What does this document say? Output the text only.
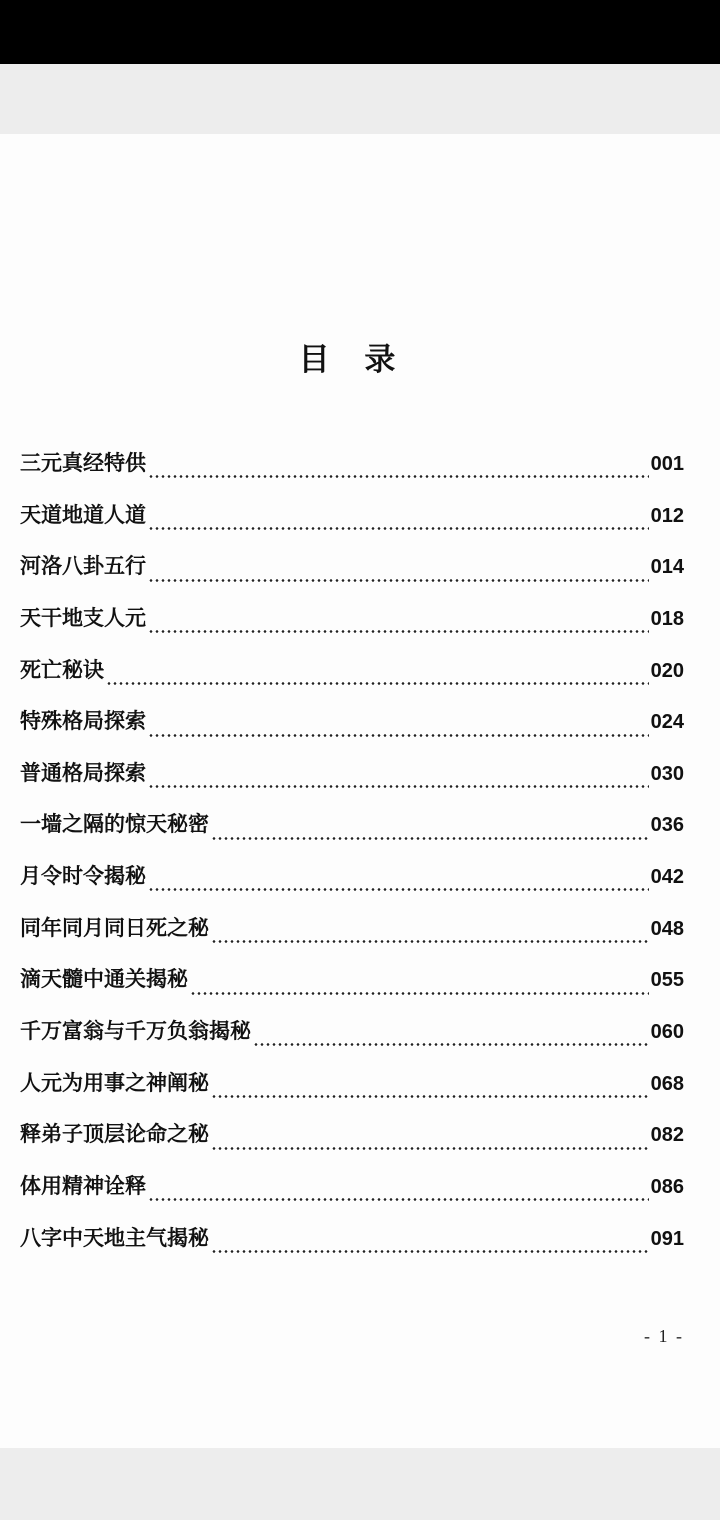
目 录
三元真经特供	001
天道地道人道	012
河洛八卦五行	014
天干地支人元	018
死亡秘诀	020
特殊格局探索	024
普通格局探索	030
一墙之隔的惊天秘密	036
月令时令揭秘	042
同年同月同日死之秘	048
滴天髓中通关揭秘	055
千万富翁与千万负翁揭秘	060
人元为用事之神阐秘	068
释弟子顶层论命之秘	082
体用精神诠释	086
八字中天地主气揭秘	091
- 1 -
